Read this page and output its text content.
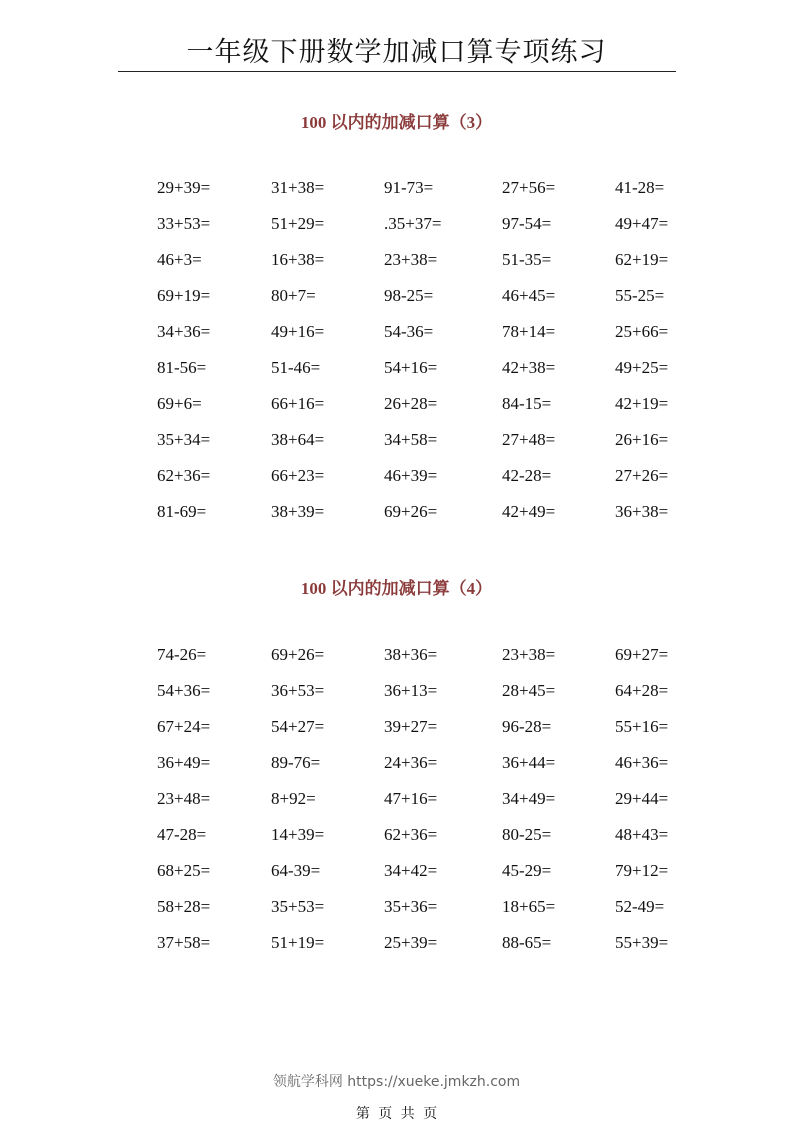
一年级下册数学加减口算专项练习
100 以内的加减口算（3）
29+39=	31+38=	91-73=	27+56=	41-28=
33+53=	51+29=	.35+37=	97-54=	49+47=
46+3=	16+38=	23+38=	51-35=	62+19=
69+19=	80+7=	98-25=	46+45=	55-25=
34+36=	49+16=	54-36=	78+14=	25+66=
81-56=	51-46=	54+16=	42+38=	49+25=
69+6=	66+16=	26+28=	84-15=	42+19=
35+34=	38+64=	34+58=	27+48=	26+16=
62+36=	66+23=	46+39=	42-28=	27+26=
81-69=	38+39=	69+26=	42+49=	36+38=
100 以内的加减口算（4）
74-26=	69+26=	38+36=	23+38=	69+27=
54+36=	36+53=	36+13=	28+45=	64+28=
67+24=	54+27=	39+27=	96-28=	55+16=
36+49=	89-76=	24+36=	36+44=	46+36=
23+48=	8+92=	47+16=	34+49=	29+44=
47-28=	14+39=	62+36=	80-25=	48+43=
68+25=	64-39=	34+42=	45-29=	79+12=
58+28=	35+53=	35+36=	18+65=	52-49=
37+58=	51+19=	25+39=	88-65=	55+39=
领航学科网 https://xueke.jmkzh.com
第 页 共 页
